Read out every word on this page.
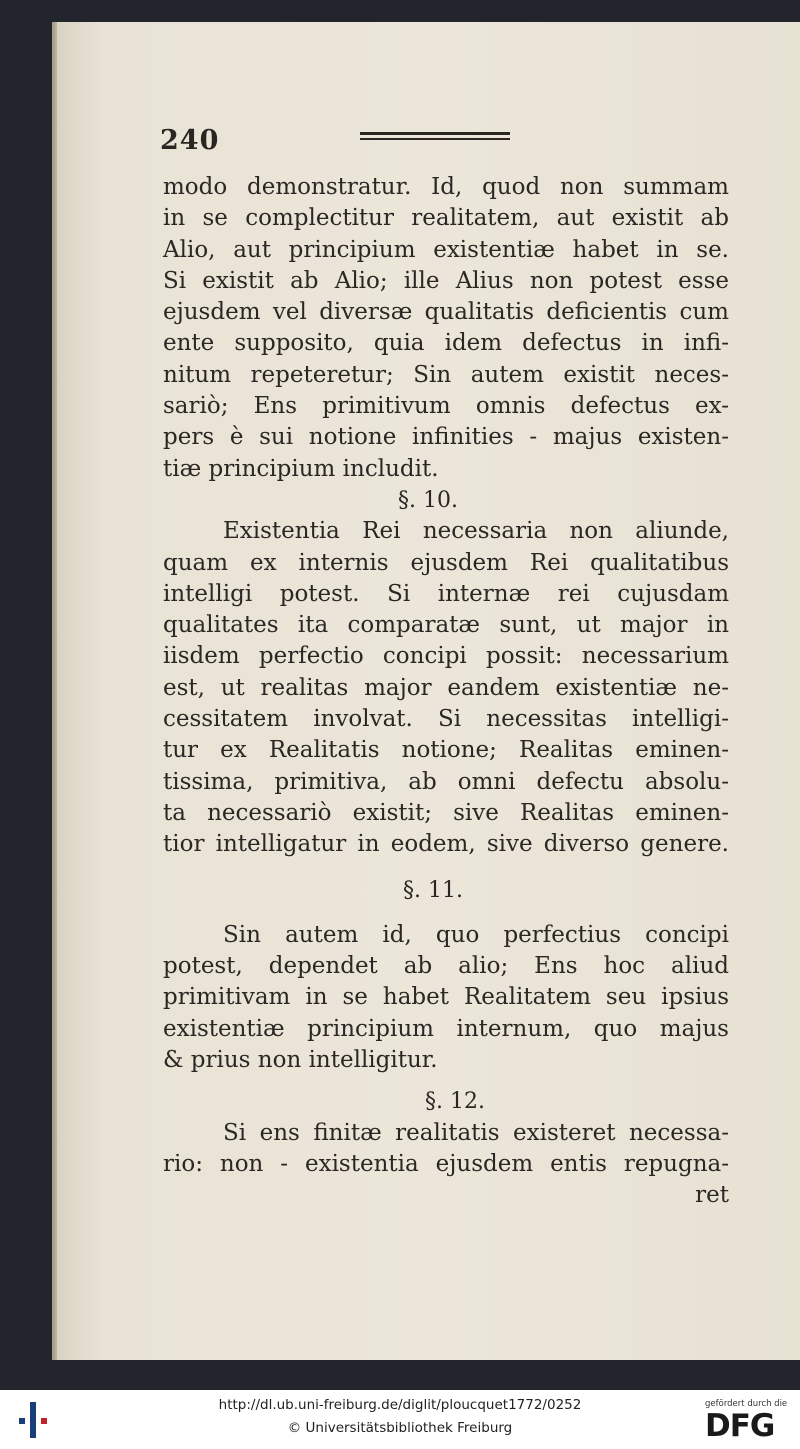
240
modo demonstratur. Id, quod non summam
in se complectitur realitatem, aut existit ab
Alio, aut principium existentiæ habet in se.
Si existit ab Alio; ille Alius non potest esse
ejusdem vel diversæ qualitatis deficientis cum
ente supposito, quia idem defectus in infi-
nitum repeteretur; Sin autem existit neces-
sariò; Ens primitivum omnis defectus ex-
pers è sui notione infinities - majus existen-
tiæ principium includit.
§. 10.
Existentia Rei necessaria non aliunde,
quam ex internis ejusdem Rei qualitatibus
intelligi potest. Si internæ rei cujusdam
qualitates ita comparatæ sunt, ut major in
iisdem perfectio concipi possit: necessarium
est, ut realitas major eandem existentiæ ne-
cessitatem involvat. Si necessitas intelligi-
tur ex Realitatis notione; Realitas eminen-
tissima, primitiva, ab omni defectu absolu-
ta necessariò existit; sive Realitas eminen-
tior intelligatur in eodem, sive diverso genere.
§. 11.
Sin autem id, quo perfectius concipi
potest, dependet ab alio; Ens hoc aliud
primitivam in se habet Realitatem seu ipsius
existentiæ principium internum, quo majus
& prius non intelligitur.
§. 12.
Si ens finitæ realitatis existeret necessa-
rio: non - existentia ejusdem entis repugna-
ret
http://dl.ub.uni-freiburg.de/diglit/ploucquet1772/0252
© Universitätsbibliothek Freiburg
gefördert durch die
DFG
